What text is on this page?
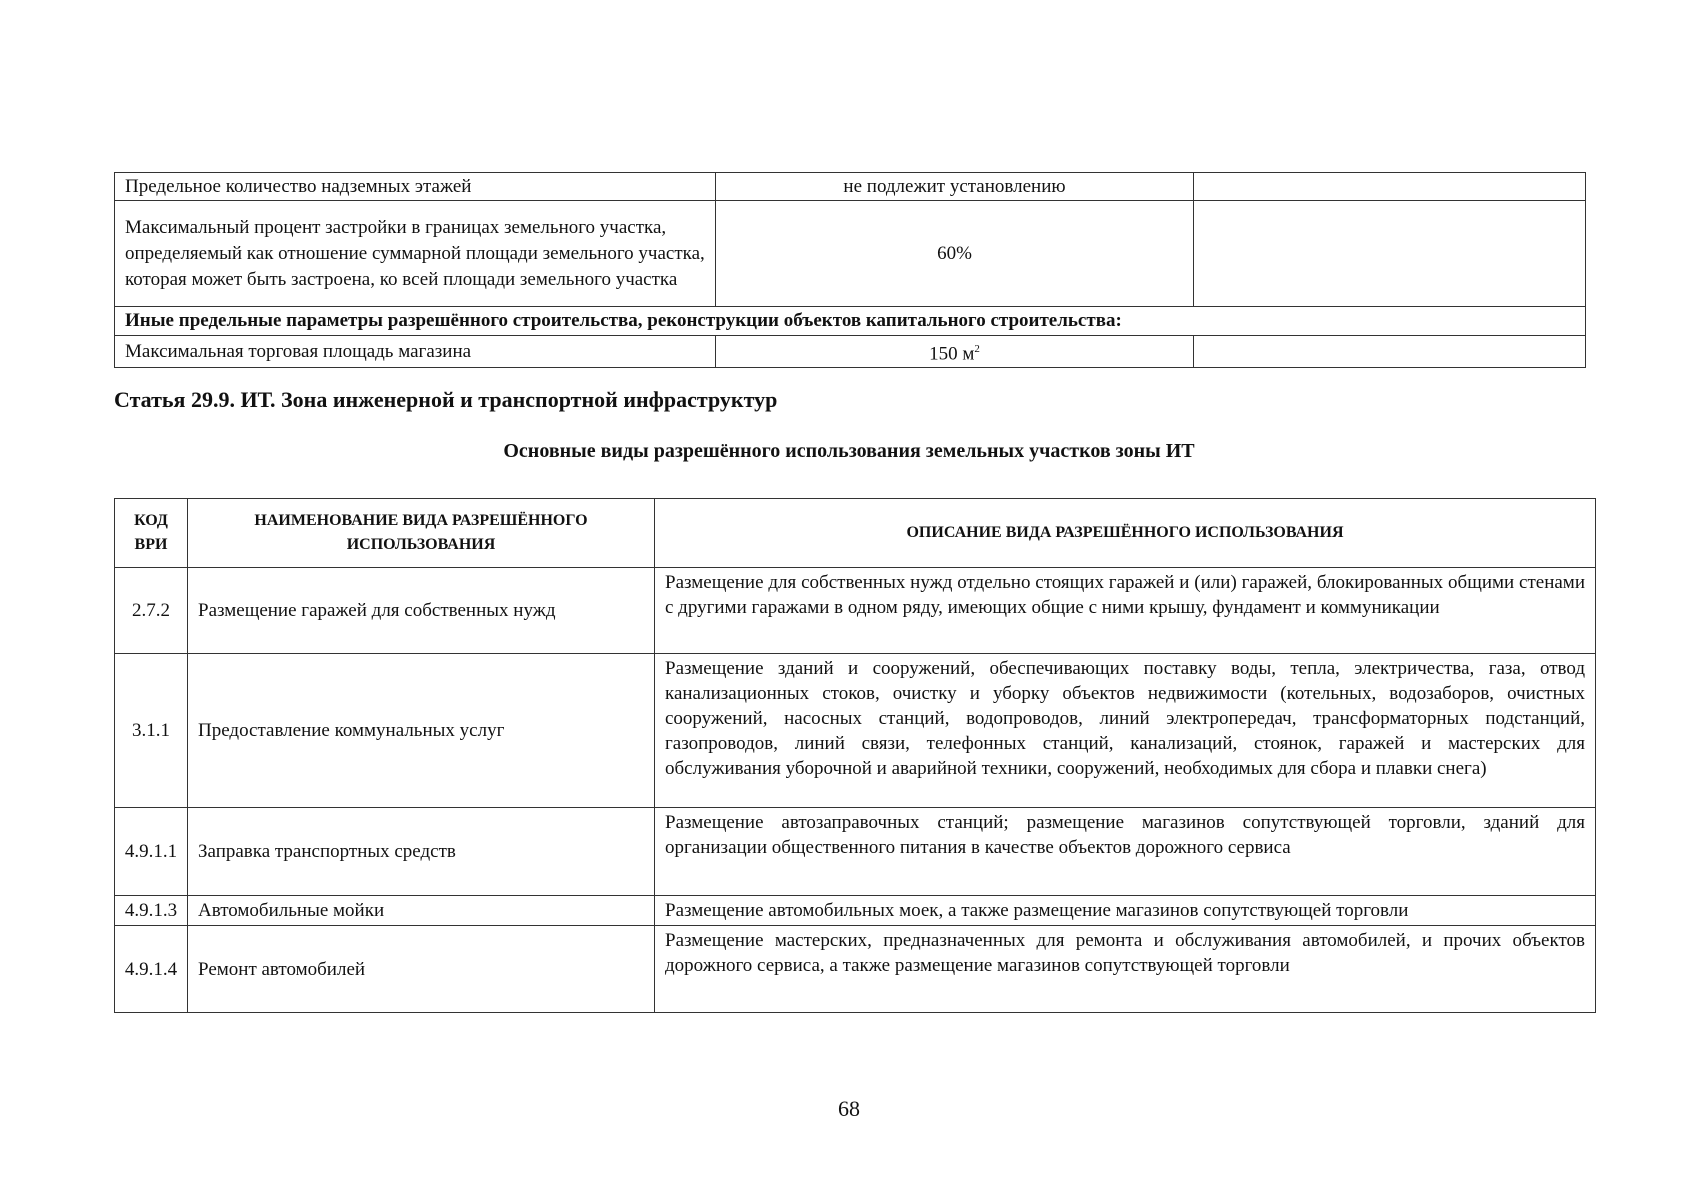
Предельное количество надземных этажей	не подлежит установлению	
Максимальный процент застройки в границах земельного участка, определяемый как отношение суммарной площади земельного участка, которая может быть застроена, ко всей площади земельного участка	60%	
Иные предельные параметры разрешённого строительства, реконструкции объектов капитального строительства:		
Максимальная торговая площадь магазина	150 $м^2$	
Статья 29.9. ИТ. Зона инженерной и транспортной инфраструктур
Основные виды разрешённого использования земельных участков зоны ИТ
КОД ВРИ	НАИМЕНОВАНИЕ ВИДА РАЗРЕШЁННОГО ИСПОЛЬЗОВАНИЯ	ОПИСАНИЕ ВИДА РАЗРЕШЁННОГО ИСПОЛЬЗОВАНИЯ
2.7.2	Размещение гаражей для собственных нужд	Размещение для собственных нужд отдельно стоящих гаражей и (или) гаражей, блокированных общими стенами с другими гаражами в одном ряду, имеющих общие с ними крышу, фундамент и коммуникации
3.1.1	Предоставление коммунальных услуг	Размещение зданий и сооружений, обеспечивающих поставку воды, тепла, электричества, газа, отвод канализационных стоков, очистку и уборку объектов недвижимости (котельных, водозаборов, очистных сооружений, насосных станций, водопроводов, линий электропередач, трансформаторных подстанций, газопроводов, линий связи, телефонных станций, канализаций, стоянок, гаражей и мастерских для обслуживания уборочной и аварийной техники, сооружений, необходимых для сбора и плавки снега)
4.9.1.1	Заправка транспортных средств	Размещение автозаправочных станций; размещение магазинов сопутствующей торговли, зданий для организации общественного питания в качестве объектов дорожного сервиса
4.9.1.3	Автомобильные мойки	Размещение автомобильных моек, а также размещение магазинов сопутствующей торговли
4.9.1.4	Ремонт автомобилей	Размещение мастерских, предназначенных для ремонта и обслуживания автомобилей, и прочих объектов дорожного сервиса, а также размещение магазинов сопутствующей торговли
68
